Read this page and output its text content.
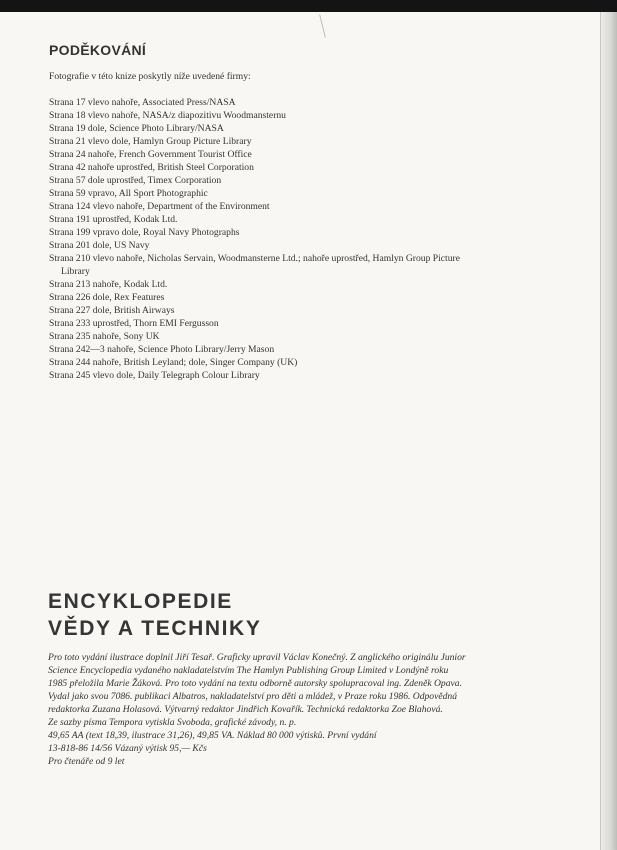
PODĚKOVÁNÍ

Fotografie v této knize poskytly níže uvedené firmy:

Strana 17 vlevo nahoře, Associated Press/NASA
Strana 18 vlevo nahoře, NASA/z diapozitivu Woodmansternu
Strana 19 dole, Science Photo Library/NASA
Strana 21 vlevo dole, Hamlyn Group Picture Library
Strana 24 nahoře, French Government Tourist Office
Strana 42 nahoře uprostřed, British Steel Corporation
Strana 57 dole uprostřed, Timex Corporation
Strana 59 vpravo, All Sport Photographic
Strana 124 vlevo nahoře, Department of the Environment
Strana 191 uprostřed, Kodak Ltd.
Strana 199 vpravo dole, Royal Navy Photographs
Strana 201 dole, US Navy
Strana 210 vlevo nahoře, Nicholas Servain, Woodmansterne Ltd.; nahoře uprostřed, Hamlyn Group Picture Library
Strana 213 nahoře, Kodak Ltd.
Strana 226 dole, Rex Features
Strana 227 dole, British Airways
Strana 233 uprostřed, Thorn EMI Fergusson
Strana 235 nahoře, Sony UK
Strana 242—3 nahoře, Science Photo Library/Jerry Mason
Strana 244 nahoře, British Leyland; dole, Singer Company (UK)
Strana 245 vlevo dole, Daily Telegraph Colour Library
ENCYKLOPEDIE
VĚDY A TECHNIKY

Pro toto vydání ilustrace doplnil Jiří Tesař. Graficky upravil Václav Konečný. Z anglického originálu Junior Science Encyclopedia vydaného nakladatelstvím The Hamlyn Publishing Group Limited v Londýně roku 1985 přeložila Marie Žáková. Pro toto vydání na textu odborně autorsky spolupracoval ing. Zdeněk Opava. Vydal jako svou 7086. publikaci Albatros, nakladatelství pro děti a mládež, v Praze roku 1986. Odpovědná redaktorka Zuzana Holasová. Výtvarný redaktor Jindřich Kovařík. Technická redaktorka Zoe Blahová.

Ze sazby písma Tempora vytiskla Svoboda, grafické závody, n. p.

49,65 AA (text 18,39, ilustrace 31,26), 49,85 VA. Náklad 80 000 výtisků. První vydání

13-818-86 14/56 Vázaný výtisk 95,— Kčs

Pro čtenáře od 9 let
